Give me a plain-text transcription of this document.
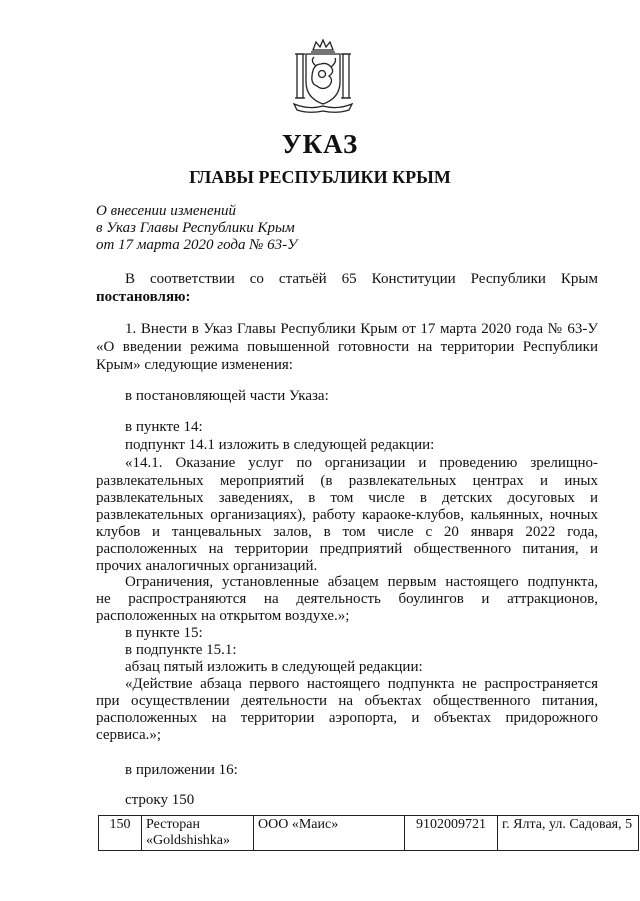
УКАЗ
ГЛАВЫ РЕСПУБЛИКИ КРЫМ
О внесении изменений
в Указ Главы Республики Крым
от 17 марта 2020 года № 63-У
В соответствии со статьёй 65 Конституции Республики Крым
постановляю:
1. Внести в Указ Главы Республики Крым от 17 марта 2020 года № 63-У
«О введении режима повышенной готовности на территории Республики
Крым» следующие изменения:
в постановляющей части Указа:
в пункте 14:
подпункт 14.1 изложить в следующей редакции:
«14.1. Оказание услуг по организации и проведению зрелищно-
развлекательных мероприятий (в развлекательных центрах и иных
развлекательных заведениях, в том числе в детских досуговых и
развлекательных организациях), работу караоке-клубов, кальянных, ночных
клубов и танцевальных залов, в том числе с 20 января 2022 года,
расположенных на территории предприятий общественного питания, и
прочих аналогичных организаций.
Ограничения, установленные абзацем первым настоящего подпункта,
не распространяются на деятельность боулингов и аттракционов,
расположенных на открытом воздухе.»;
в пункте 15:
в подпункте 15.1:
абзац пятый изложить в следующей редакции:
«Действие абзаца первого настоящего подпункта не распространяется
при осуществлении деятельности на объектах общественного питания,
расположенных на территории аэропорта, и объектах придорожного
сервиса.»;
в приложении 16:
строку 150
150	Ресторан «Goldshishka»	ООО «Маис»	9102009721	г. Ялта, ул. Садовая, 5
